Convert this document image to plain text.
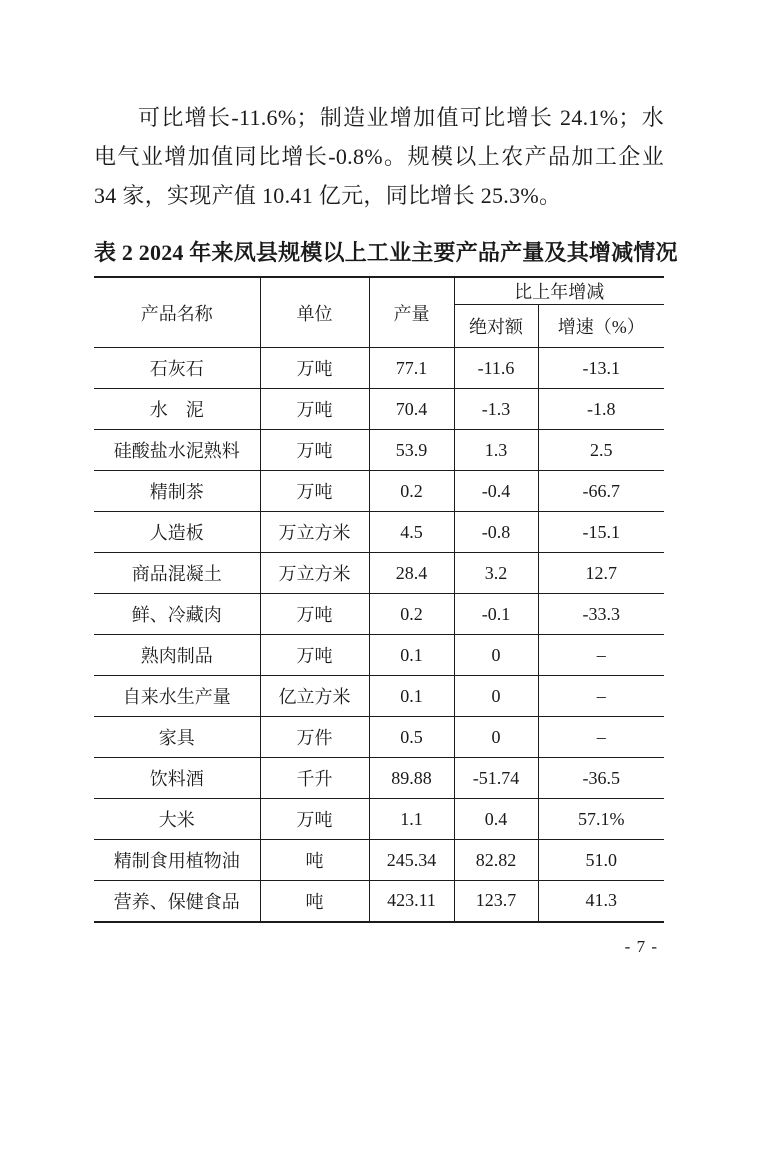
可比增长-11.6%；制造业增加值可比增长 24.1%；水电气业增加值同比增长-0.8%。规模以上农产品加工企业 34 家，实现产值 10.41 亿元，同比增长 25.3%。

表 2 2024 年来凤县规模以上工业主要产品产量及其增减情况
产品名称	单位	产量	比上年增减	
			绝对额	增速（%）
石灰石	万吨	77.1	-11.6	-13.1
水　泥	万吨	70.4	-1.3	-1.8
硅酸盐水泥熟料	万吨	53.9	1.3	2.5
精制茶	万吨	0.2	-0.4	-66.7
人造板	万立方米	4.5	-0.8	-15.1
商品混凝土	万立方米	28.4	3.2	12.7
鲜、冷藏肉	万吨	0.2	-0.1	-33.3
熟肉制品	万吨	0.1	0	–
自来水生产量	亿立方米	0.1	0	–
家具	万件	0.5	0	–
饮料酒	千升	89.88	-51.74	-36.5
大米	万吨	1.1	0.4	57.1%
精制食用植物油	吨	245.34	82.82	51.0
营养、保健食品	吨	423.11	123.7	41.3
- 7 -
